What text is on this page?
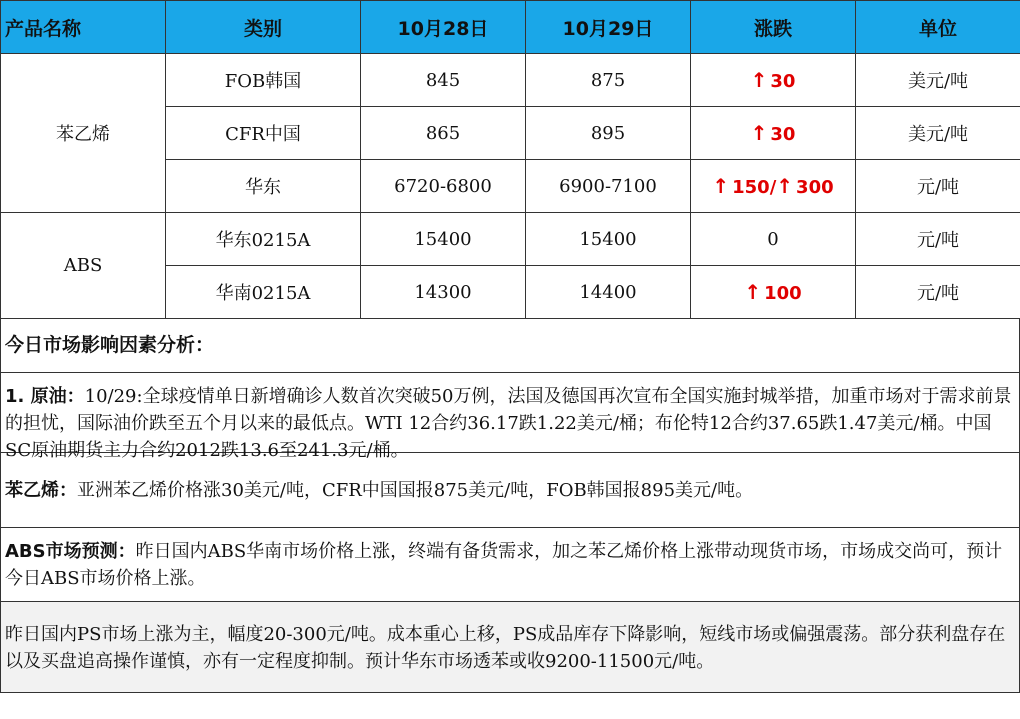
产品名称	类别	10月28日	10月29日	涨跌	单位
苯乙烯	FOB韩国	845	875	↑ 30	美元/吨
	CFR中国	865	895	↑ 30	美元/吨
	华东	6720-6800	6900-7100	↑ 150/↑ 300	元/吨
ABS	华东0215A	15400	15400	0	元/吨
	华南0215A	14300	14400	↑ 100	元/吨
今日市场影响因素分析：
1. 原油：10/29:全球疫情单日新增确诊人数首次突破50万例，法国及德国再次宣布全国实施封城举措，加重市场对于需求前景的担忧，国际油价跌至五个月以来的最低点。WTI 12合约36.17跌1.22美元/桶；布伦特12合约37.65跌1.47美元/桶。中国SC原油期货主力合约2012跌13.6至241.3元/桶。
苯乙烯：亚洲苯乙烯价格涨30美元/吨，CFR中国国报875美元/吨，FOB韩国报895美元/吨。
ABS市场预测：昨日国内ABS华南市场价格上涨，终端有备货需求，加之苯乙烯价格上涨带动现货市场，市场成交尚可，预计今日ABS市场价格上涨。
昨日国内PS市场上涨为主，幅度20-300元/吨。成本重心上移，PS成品库存下降影响，短线市场或偏强震荡。部分获利盘存在以及买盘追高操作谨慎，亦有一定程度抑制。预计华东市场透苯或收9200-11500元/吨。
